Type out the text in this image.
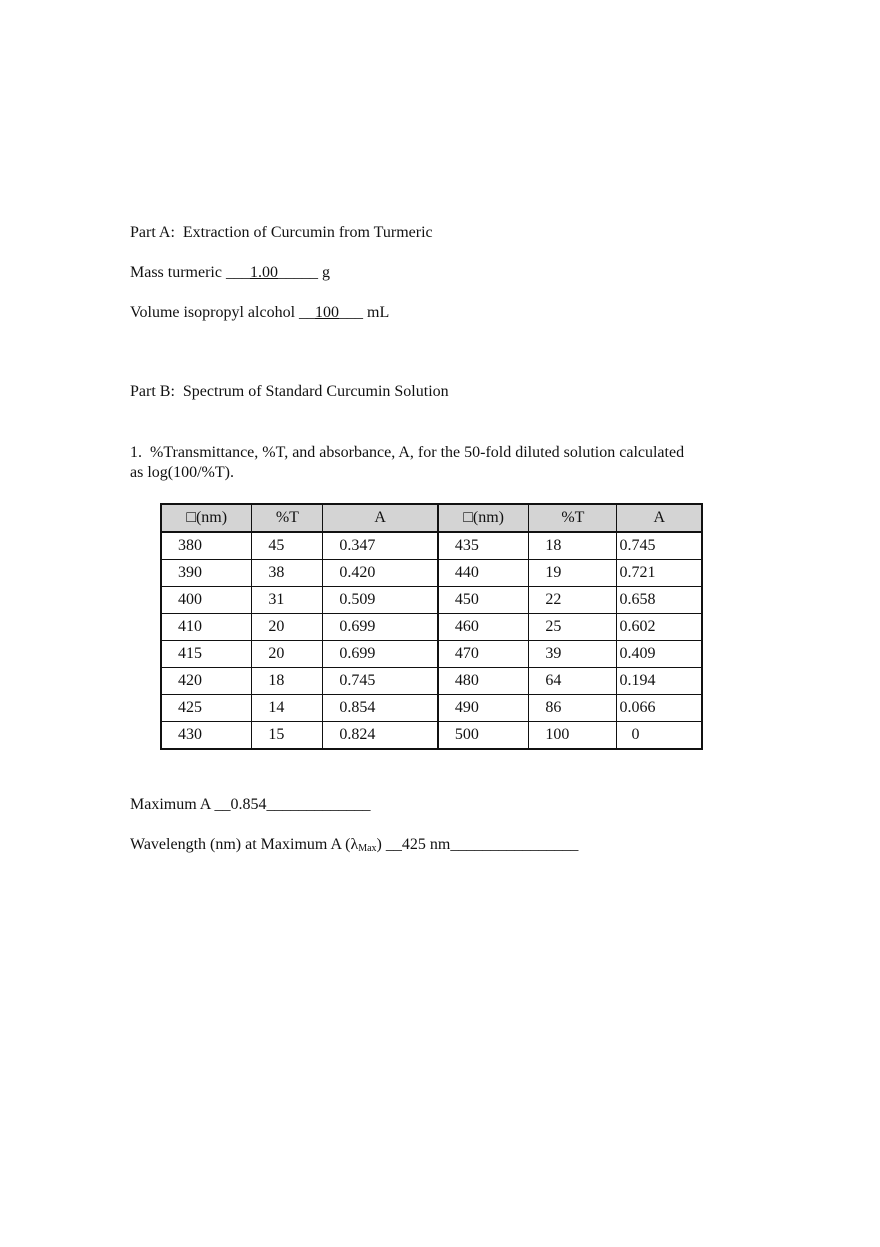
Part A:  Extraction of Curcumin from Turmeric
Mass turmeric ___1.00_____ g
Volume isopropyl alcohol __100___ mL
Part B:  Spectrum of Standard Curcumin Solution
1.  %Transmittance, %T, and absorbance, A, for the 50-fold diluted solution calculated
as log(100/%T).
□(nm)	%T	A	□(nm)	%T	A
380	45	0.347	435	18	0.745
390	38	0.420	440	19	0.721
400	31	0.509	450	22	0.658
410	20	0.699	460	25	0.602
415	20	0.699	470	39	0.409
420	18	0.745	480	64	0.194
425	14	0.854	490	86	0.066
430	15	0.824	500	100	0
Maximum A __0.854_____________
Wavelength (nm) at Maximum A $(\lambda_{Max})$ __425 nm________________
